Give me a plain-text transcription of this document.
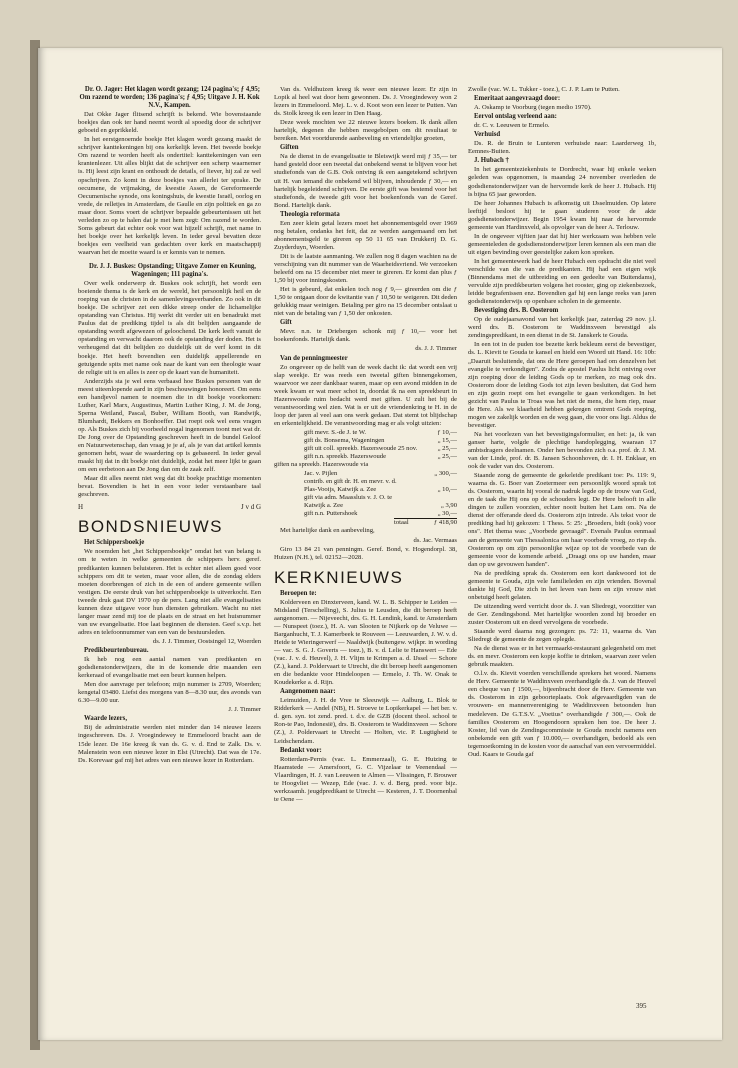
Dr. O. Jager: Het klagen wordt gezang; 124 pagina's; ƒ 4,95; Om razend te worden; 136 pagina's; ƒ 4,95; Uitgave J. H. Kok N.V., Kampen.

Dat Okke Jager flitsend schrijft is bekend. Wie bovenstaande boekjes dan ook ter hand neemt wordt al spoedig door de schrijver geboeid en geprikkeld.

In het eerstgenoemde boekje Het klagen wordt gezang maakt de schrijver kanttekeningen bij ons kerkelijk leven. Het tweede boekje Om razend te worden heeft als ondertitel: kanttekeningen van een krantenlezer. Uit alles blijkt dat de schrijver een scherp waarnemer is. Hij leest zijn krant en onthoudt de details, of liever, hij zal ze wel opschrijven. Zo komt in deze boekjes van allerlei ter sprake. De oecumene, de vrijmaking, de kwestie Assen, de Gereformeerde Oecumenische synode, ons koningshuis, de kwestie Israël, oorlog en vrede, de relletjes in Amsterdam, de Gaulle en zijn politiek en ga zo maar door. Soms voert de schrijver bepaalde gebeurtenissen uit het verleden zo op te halen dat je met hem zegt: Om razend te worden. Soms gebeurt dat echter ook voor wat hijzelf schrijft, met name in het boekje over het kerkelijk leven. In ieder geval bevatten deze boekjes een veelheid van gedachten over kerk en maatschappij waarvan het de moeite waard is er kennis van te nemen.

Dr. J. J. Buskes: Opstanding; Uitgave Zomer en Keuning, Wageningen; 111 pagina's.

Over welk onderwerp dr. Buskes ook schrijft, het wordt een boeiende thema is de kerk en de wereld, het persoonlijk heil en de roeping van de christen in de samenlevingsverbanden. Zo ook in dit boekje. De schrijver zet een dikke streep onder de lichamelijke opstanding van Christus. Hij werkt dit verder uit en benadrukt met Paulus dat de prediking tijdel is als dit belijden aangaande de opstanding wordt afgewezen of geloochend. De kerk leeft vanuit de opstanding en verwacht daarom ook de opstanding der doden. Het is verheugend dat dit belijden zo duidelijk uit de verf komt in dit boekje. Het heeft bovendien een duidelijk appellerende en getuigende spits met name ook naar de kant van een theologie waar de religie uit is en alles is zeer op de kaart van de humaniteit.

Anderzijds sta je wel eens verbaasd hoe Buskes personen van de meest uiteenlopende aard in zijn beschouwingen honoreert. Om eens een handjevol namen te noemen die in dit boekje voorkomen: Luther, Karl Marx, Augustinus, Martin Luther King, J. M. de Jong, Sperna Weiland, Pascal, Buber, William Booth, van Randwijk, Blumhardt, Bekkers en Bonhoeffer. Dat roept ook wel eens vragen op. Als Buskes zich bij voorbeeld nogal ingenomen toont met wat dr. De Jong over de Opstanding geschreven heeft in de bundel Geloof en Natuurwetenschap, dan vraag je je af, als je van dat artikel kennis genomen hebt, waar de waardering op is gebaseerd. In ieder geval maakt hij dat in dit boekje niet duidelijk, zodat het meer lijkt te gaan om een eerbetoon aan De Jong dan om de zaak zelf.

Maar dit alles neemt niet weg dat dit boekje prachtige momenten bevat. Bovendien is het in een voor ieder verstaanbare taal geschreven.

H	J v d G
BONDSNIEUWS

Het Schippersboekje

We noemden het „het Schippersboekje" omdat het van belang is om te weten in welke gemeenten de schippers herv. geref. predikanten kunnen beluisteren. Het is echter niet alleen goed voor schippers om dit te weten, maar voor allen, die de zondag elders moeten doorbrengen of zich in de een of andere gemeente willen vestigen. De eerste druk van het schippersboekje is uitverkocht. Een tweede druk gaat DV 1970 op de pers. Lang niet alle evangelisaties kunnen deze uitgave voor hun diensten gebruiken. Wacht nu niet langer maar zend mij toe de plaats en de straat en het huisnummer van uw evangelisatie. Hoe laat beginnen de diensten. Geef s.v.p. het adres en telefoonnummer van een van de bestuursleden.

ds. J. J. Timmer, Oostsingel 12, Woerden

Predikbeurtenbureau.

Ik heb nog een aantal namen van predikanten en godsdienstonderwijzers, die in de komende drie maanden een kerkeraad of evangelisatie met een beurt kunnen helpen.

Men doe aanvrage per telefoon; mijn nummer is 2709, Woerden; kengetal 03480. Liefst des morgens van 8—8.30 uur, des avonds van 6.30—9.00 uur.

J. J. Timmer

Waarde lezers,

Bij de administratie werden niet minder dan 14 nieuwe lezers ingeschreven. Ds. J. Vroegindewey te Emmeloord bracht aan de 15de lezer. De 16e kreeg ik van ds. G. v. d. End te Zalk. Ds. v. Malenstein won een nieuwe lezer in Elst (Utrecht). Dat was de 17e. Ds. Korevaar gaf mij het adres van een nieuwe lezer in Rotterdam.

Van ds. Veldhuizen kreeg ik weer een nieuwe lezer. Er zijn in Lopik al heel wat door hem gewonnen. Ds. J. Vroegindewey won 2 lezers in Emmeloord. Mej. L. v. d. Koot won een lezer te Putten. Van ds. Stolk kreeg ik een lezer in Den Haag.

Deze week mochten we 22 nieuwe lezers boeken. Ik dank allen hartelijk, degenen die hebben meegebolpen om dit resultaat te bereiken. Met voortdurende aanbeveling en vriendelijke groeten,

Giften

Na de dienst in de evangelisatie te Bleiswijk werd mij ƒ 35,— ter hand gesteld door een tweetal dat onbekend wenst te blijven voor het studiefonds van de G.B. Ook ontving ik een aangetekend schrijven uit H. van iemand die onbekend wil blijven, inhoudende ƒ 30,— en hartelijk begeleidend schrijven. De eerste gift was bestemd voor het studiefonds, de tweede gift voor het boekenfonds van de Geref. Bond. Hartelijk dank.

Theologia reformata

Een zeer klein getal lezers moet het abonnementsgeld over 1969 nog betalen, ondanks het feit, dat ze werden aangemaand om het abonnementsgeld te gireren op 50 11 65 van Drukkerij D. G. Zuyderduyn, Woerden.

Dit is de laatste aanmaning. We zullen nog 8 dagen wachten na de verschijning van dit nummer van de Waarheidsvriend. We verzoeken beleefd om na 15 december niet meer te gireren. Er komt dan plus ƒ 1,50 bij voor inningskosten.

Het is gebeurd, dat enkelen toch nog ƒ 9,— gireerden om die ƒ 1,50 te ontgaan door de kwitantie van ƒ 10,50 te weigeren. Dit deden gelukkig maar weinigen. Betaling per giro na 15 december ontslaat u niet van de betaling van ƒ 1,50 der onkosten.

Gift

Mevr. n.n. te Driebergen schonk mij ƒ 10,— voor het boekenfonds. Hartelijk dank.

ds. J. J. Timmer

Van de penningmeester

Zo ongeveer op de helft van de week dacht ik: dat wordt een vrij slap weekje. Er was reeds een tweetal giften binnengekomen, waarvoor we zeer dankbaar waren, maar op een avond midden in de week kwam er wat meer schot in, doordat ik na een spreekbeurt in Hazerswoude ruim bedacht werd met giften. U zult het bij de verantwoording wel zien. Wat is er uit de vriendenkring te H. in de loop der jaren al veel aan ons werk gedaan. Dat stemt tot blijdschap en erkentelijkheid. De verantwoording mag er als volgt uitzien:

gift mevr. S.-de J. te W.	ƒ 10,—
gift ds. Bonsema, Wageningen	„ 15,—
gift uit coll. spreekb. Hazerswoude 25 nov.	„ 25,—
gift n.n. spreekb. Hazerswoude	„ 25,—

giften na spreekb. Hazerswoude via

Jac. v. Pijlen	„ 300,—
contrib. en gift dr. H. en mevr. v. d.
Plas-Vooijs, Katwijk a. Zee	„ 10,—
gift via adm. Maassluis v. J. O. te
Katwijk a. Zee	„ 3,90
gift n.n. Puttershoek	„ 30,—
totaal	ƒ 418,90

Met hartelijke dank en aanbeveling,

ds. Jac. Vermaas

Giro 13 84 21 van penningm. Geref. Bond, v. Hogendorpl. 38, Huizen (N.H.), tel. 02152—2028.

KERKNIEUWS

Beroepen te:

Kolderveen en Dinxterveen, kand. W. L. B. Schipper te Leiden — Midsland (Terschelling), S. Julius te Leusden, die dit beroep heeft aangenomen. — Nijeveecht, drs. G. H. Lendink, kand. te Amsterdam — Nunspeet (toez.), H. A. van Slooten te Nijkerk op de Veluwe — Barganhucht, T. J. Kamerbeek te Rouveen — Leeuwarden, J. W. v. d. Heide te Wieringerwerf — Naaldwijk (buitengew. wijkpr. in wording — vac. S. G. J. Goverts — toez.), B. v. d. Lelie te Hanswert — Ede (vac. J. v. d. Heuvel), J. H. Vlijm te Krimpen a. d. IJssel — Schore (Z.), kand. J. Poldervaart te Utrecht, die dit beroep heeft aangenomen en die bedankte voor Hindeloopen — Ermelo, J. Th. W. Onak te Koudekerke a. d. Rijn.

Aangenomen naar:

Leimuiden, J. H. de Vree te Sleeuwijk — Aalburg, L. Blok te Ridderkerk — Andel (NB), H. Stroeve te Lopikerkapel — het ber. v. d. gen. syn. tot zend. pred. t. d.v. de GZB (docent theol. school te Ron-te Pao, Indonesië), drs. B. Oosterom te Waddinxveen — Schore (Z.), J. Poldervaart te Utrecht — Holten, vic. P. Lugtigheid te Leidschendam.

Bedankt voor:

Rotterdam-Pernis (vac. L. Emmerzaal), G. E. Huizing te Haamstede — Amersfoort, G. C. Vijzelaar te Veenendaal — Vlaardingen, H. J. van Leeuwen te Almen — Vlissingen, F. Brouwer te Hoogvliet — Wezep, Ede (vac. J. v. d. Berg, pred. voor bijz. werkzaamh. jeugdpredikant te Utrecht — Kesteren, J. T. Doornenbal te Oene —

Zwolle (vac. W. L. Tukker - toez.), C. J. P. Lam te Putten.

Emeritaat aangevraagd door:

A. Oskamp te Voorburg (tegen medio 1970).

Eervol ontslag verleend aan:

dr. C. v. Leeuwen te Ermelo.

Verhuisd

Ds. R. de Bruin te Lunteren verhuisde naar: Laarderweg 1b, Eemnes-Buiten.

J. Hubach †

In het gemeenteziekenhuis te Dordrecht, waar hij enkele weken geleden was opgenomen, is maandag 24 november overleden de godsdienstonderwijzer van de hervormde kerk de heer J. Hubach. Hij is bijna 65 jaar geworden.

De heer Johannes Hubach is afkomstig uit IJsselmuiden. Op latere leeftijd besloot hij te gaan studeren voor de akte godsdienstonderwijzer. Begin 1954 kwam hij naar de hervormde gemeente van Hardinxveld, als opvolger van de heer A. Terlouw.

In de ongeveer vijftien jaar dat hij hier werkzaam was hebben vele gemeenteleden de godsdienstonderwijzer leren kennen als een man die uit eigen bevinding over geestelijke zaken kon spreken.

In het gemeentewerk had de heer Hubach een opdracht die niet veel verschilde van die van de predikanten. Hij had een eigen wijk (Binnendams met de uitbreiding en een gedeelte van Buitendams), vervulde zijn predikbeurten volgens het rooster, ging op ziekenbezoek, leidde begrafenissen enz. Bovendien gaf hij een lange reeks van jaren godsdienstonderwijs op openbare scholen in de gemeente.

Bevestiging drs. B. Oosterom

Op de oudejaarsavond van het kerkelijk jaar, zaterdag 29 nov. j.l. werd drs. B. Oosterom te Waddinxveen bevestigd als zendingspredikant, in een dienst in de St. Janskerk te Gouda.

In een tot in de puden toe bezette kerk bekleum eerst de bevestiger, ds. L. Kievit te Gouda te kansel en hield een Woord uit Hand. 16: 10b: „Daaruit besluitende, dat ons de Here geroepen had om denzelven het evangelie te verkondigen". Zodra de apostel Paulus licht ontving over zijn roeping door de leiding Gods op te merken, zo mag ook drs. Oosterom door de leiding Gods tot zijn leven besluiten, dat God hem en zijn gezin roept om het evangelie te gaan verkondigen. In het gezicht van Paulus te Troas was het niet de mens, die hem riep, maar de Here. Als we klaarheid hebben gekregen omtrent Gods roeping, mogen we zakelijk worden en de weg gaan, die voor ons ligt. Aldus de bevestiger.

Na het voorlezen van het bevestigingsformulier, en het: ja, ik van ganser harte, volgde de plechtige handoplegging, waaraan 17 ambtsdragers deelnamen. Onder hen bevonden zich o.a. prof. dr. J. M. van der Linde, prof. dr. B. Jansen Schoonhoven, dr. I. H. Enklaar, en ook de vader van drs. Oosterom.

Staande zong de gemeente de gekeleide predikant toe: Ps. 119: 9, waarna ds. G. Boer van Zoetermeer een persoonlijk woord sprak tot ds. Oosterom, waarin hij vooral de nadruk legde op de trouw van God, en de taak die Hij ons op de schouders legt. De Here belooft in alle dingen te zullen voorzien, echter nooit buiten het Lam om. Na de dienst der offerande deed ds. Oosterom zijn intrede. Als tekst voor de prediking had hij gekozen: 1 Thess. 5: 25: „Broeders, bidt (ook) voor ons". Het thema was: „Voorbede gevraagd". Evenals Paulus eenmaal aan de gemeente van Thessalonica om haar voorbede vroeg, zo riep ds. Oosterom op om zijn persoonlijke wijze op tot de voorbede van de gemeente voor de komende arbeid. „Draagt ons op uw handen, maar dan op uw gevouwen handen".

Na de prediking sprak ds. Oosterom een kort dankwoord tot de gemeente te Gouda, zijn vele familieleden en zijn vrienden. Bovenal dankte hij God, Die zich in het leven van hem en zijn vrouw niet onbetuigd heeft gelaten.

De uitzending werd verricht door ds. J. van Sliedregt, voorzitter van de Ger. Zendingsbond. Met hartelijke woorden zond hij broeder en zuster Oosterom uit en deed vervolgens de voorbede.

Staande werd daarna nog gezongen: ps. 72: 11, waarna ds. Van Sliedregt de gemeente de zegen oplegde.

Na de dienst was er in het vermaarkt-restaurant gelegenheid om met ds. en mevr. Oosterom een kopje koffie te drinken, waarvan zeer velen gebruik maakten.

O.l.v. ds. Kievit voerden verschillende sprekers het woord. Namens de Herv. Gemeente te Waddinxveen overhandigde ds. J. van de Heuvel een cheque van ƒ 1500,—, bijeenbracht door de Herv. Gemeente van ds. Oosterom in zijn geboorteplaats. Ook afgevaardigden van de vrouwen- en mannenvereniging te Waddinxveen betoonden hun medeleven. De G.T.S.V. „Voetius" overhandigde ƒ 300,—. Ook de families Oosterom en Hoogendoorn spraken hen toe. De heer J. Koster, lid van de Zendingscommissie te Gouda mocht namens een onbekende een gift van ƒ 10.000,— overhandigen, bedoeld als een tegemoetkoming in de kosten voor de aanschaf van een vervoermiddel. Oud. Kaars te Gouda gaf

395
